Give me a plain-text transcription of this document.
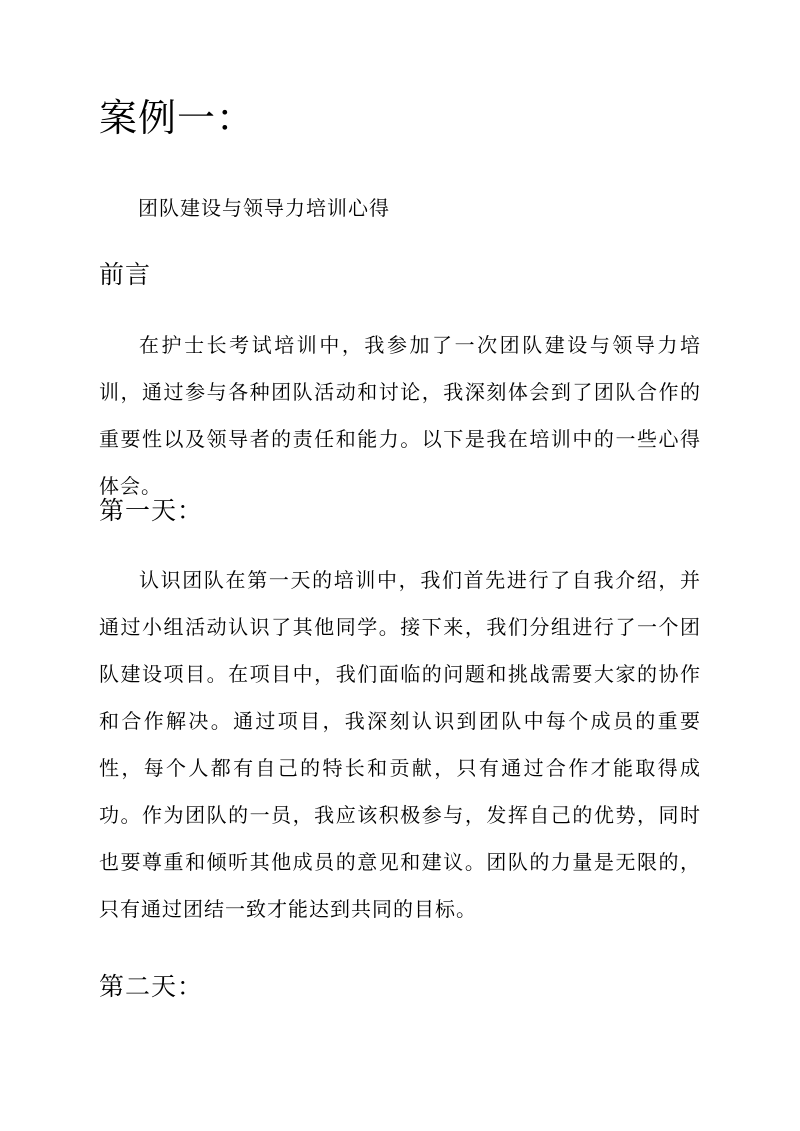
案例一：

团队建设与领导力培训心得

前言

在护士长考试培训中，我参加了一次团队建设与领导力培训，通过参与各种团队活动和讨论，我深刻体会到了团队合作的重要性以及领导者的责任和能力。以下是我在培训中的一些心得体会。

第一天：

认识团队在第一天的培训中，我们首先进行了自我介绍，并通过小组活动认识了其他同学。接下来，我们分组进行了一个团队建设项目。在项目中，我们面临的问题和挑战需要大家的协作和合作解决。通过项目，我深刻认识到团队中每个成员的重要性，每个人都有自己的特长和贡献，只有通过合作才能取得成功。作为团队的一员，我应该积极参与，发挥自己的优势，同时也要尊重和倾听其他成员的意见和建议。团队的力量是无限的，只有通过团结一致才能达到共同的目标。

第二天：
